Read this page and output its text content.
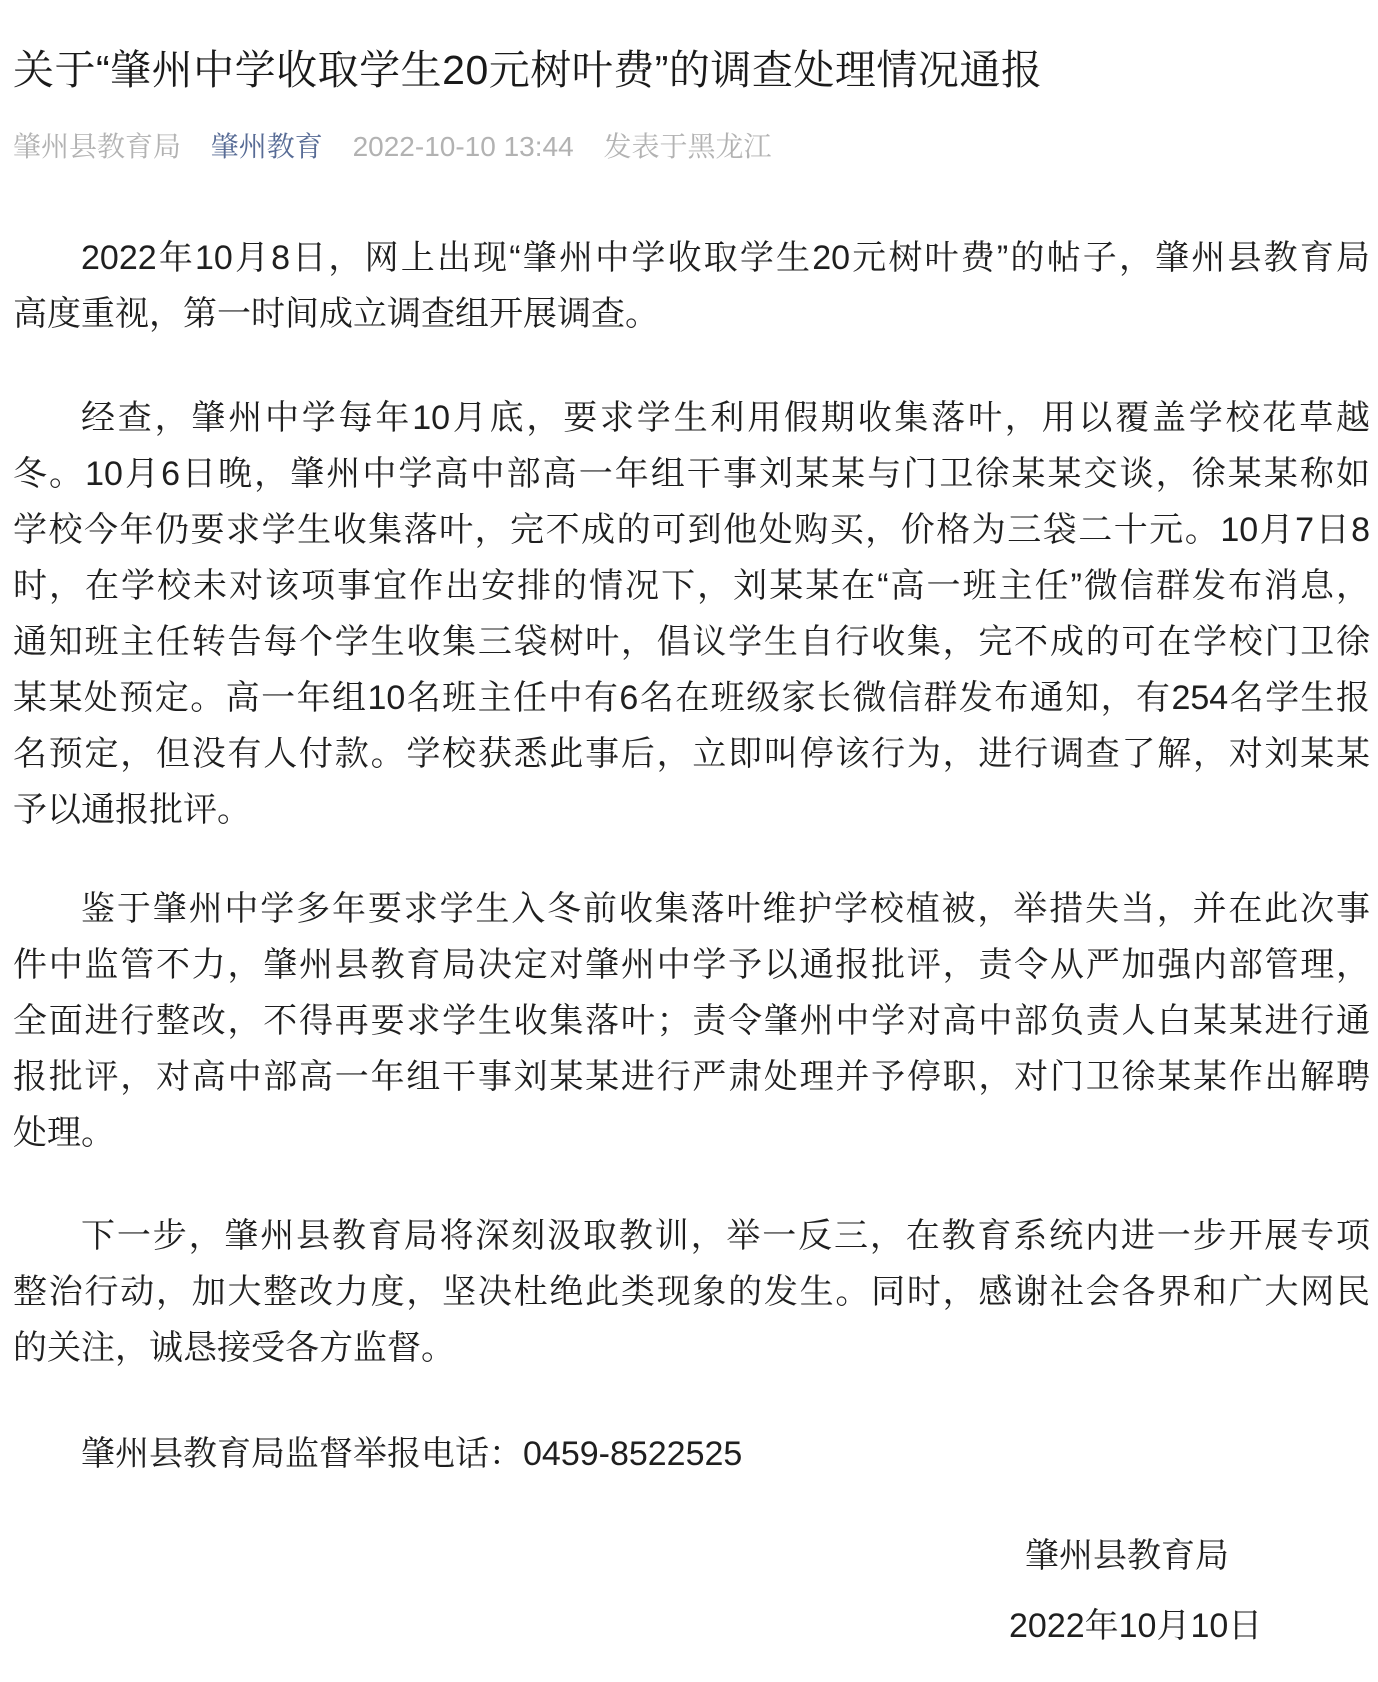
关于“肇州中学收取学生20元树叶费”的调查处理情况通报
肇州县教育局 肇州教育 2022-10-10 13:44 发表于黑龙江
2022年10月8日，网上出现“肇州中学收取学生20元树叶费”的帖子，肇州县教育局
高度重视，第一时间成立调查组开展调查。
经查，肇州中学每年10月底，要求学生利用假期收集落叶，用以覆盖学校花草越
冬。10月6日晚，肇州中学高中部高一年组干事刘某某与门卫徐某某交谈，徐某某称如
学校今年仍要求学生收集落叶，完不成的可到他处购买，价格为三袋二十元。10月7日8
时，在学校未对该项事宜作出安排的情况下，刘某某在“高一班主任”微信群发布消息，
通知班主任转告每个学生收集三袋树叶，倡议学生自行收集，完不成的可在学校门卫徐
某某处预定。高一年组10名班主任中有6名在班级家长微信群发布通知，有254名学生报
名预定，但没有人付款。学校获悉此事后，立即叫停该行为，进行调查了解，对刘某某
予以通报批评。
鉴于肇州中学多年要求学生入冬前收集落叶维护学校植被，举措失当，并在此次事
件中监管不力，肇州县教育局决定对肇州中学予以通报批评，责令从严加强内部管理，
全面进行整改，不得再要求学生收集落叶；责令肇州中学对高中部负责人白某某进行通
报批评，对高中部高一年组干事刘某某进行严肃处理并予停职，对门卫徐某某作出解聘
处理。
下一步，肇州县教育局将深刻汲取教训，举一反三，在教育系统内进一步开展专项
整治行动，加大整改力度，坚决杜绝此类现象的发生。同时，感谢社会各界和广大网民
的关注，诚恳接受各方监督。
肇州县教育局监督举报电话：0459-8522525
肇州县教育局
2022年10月10日
